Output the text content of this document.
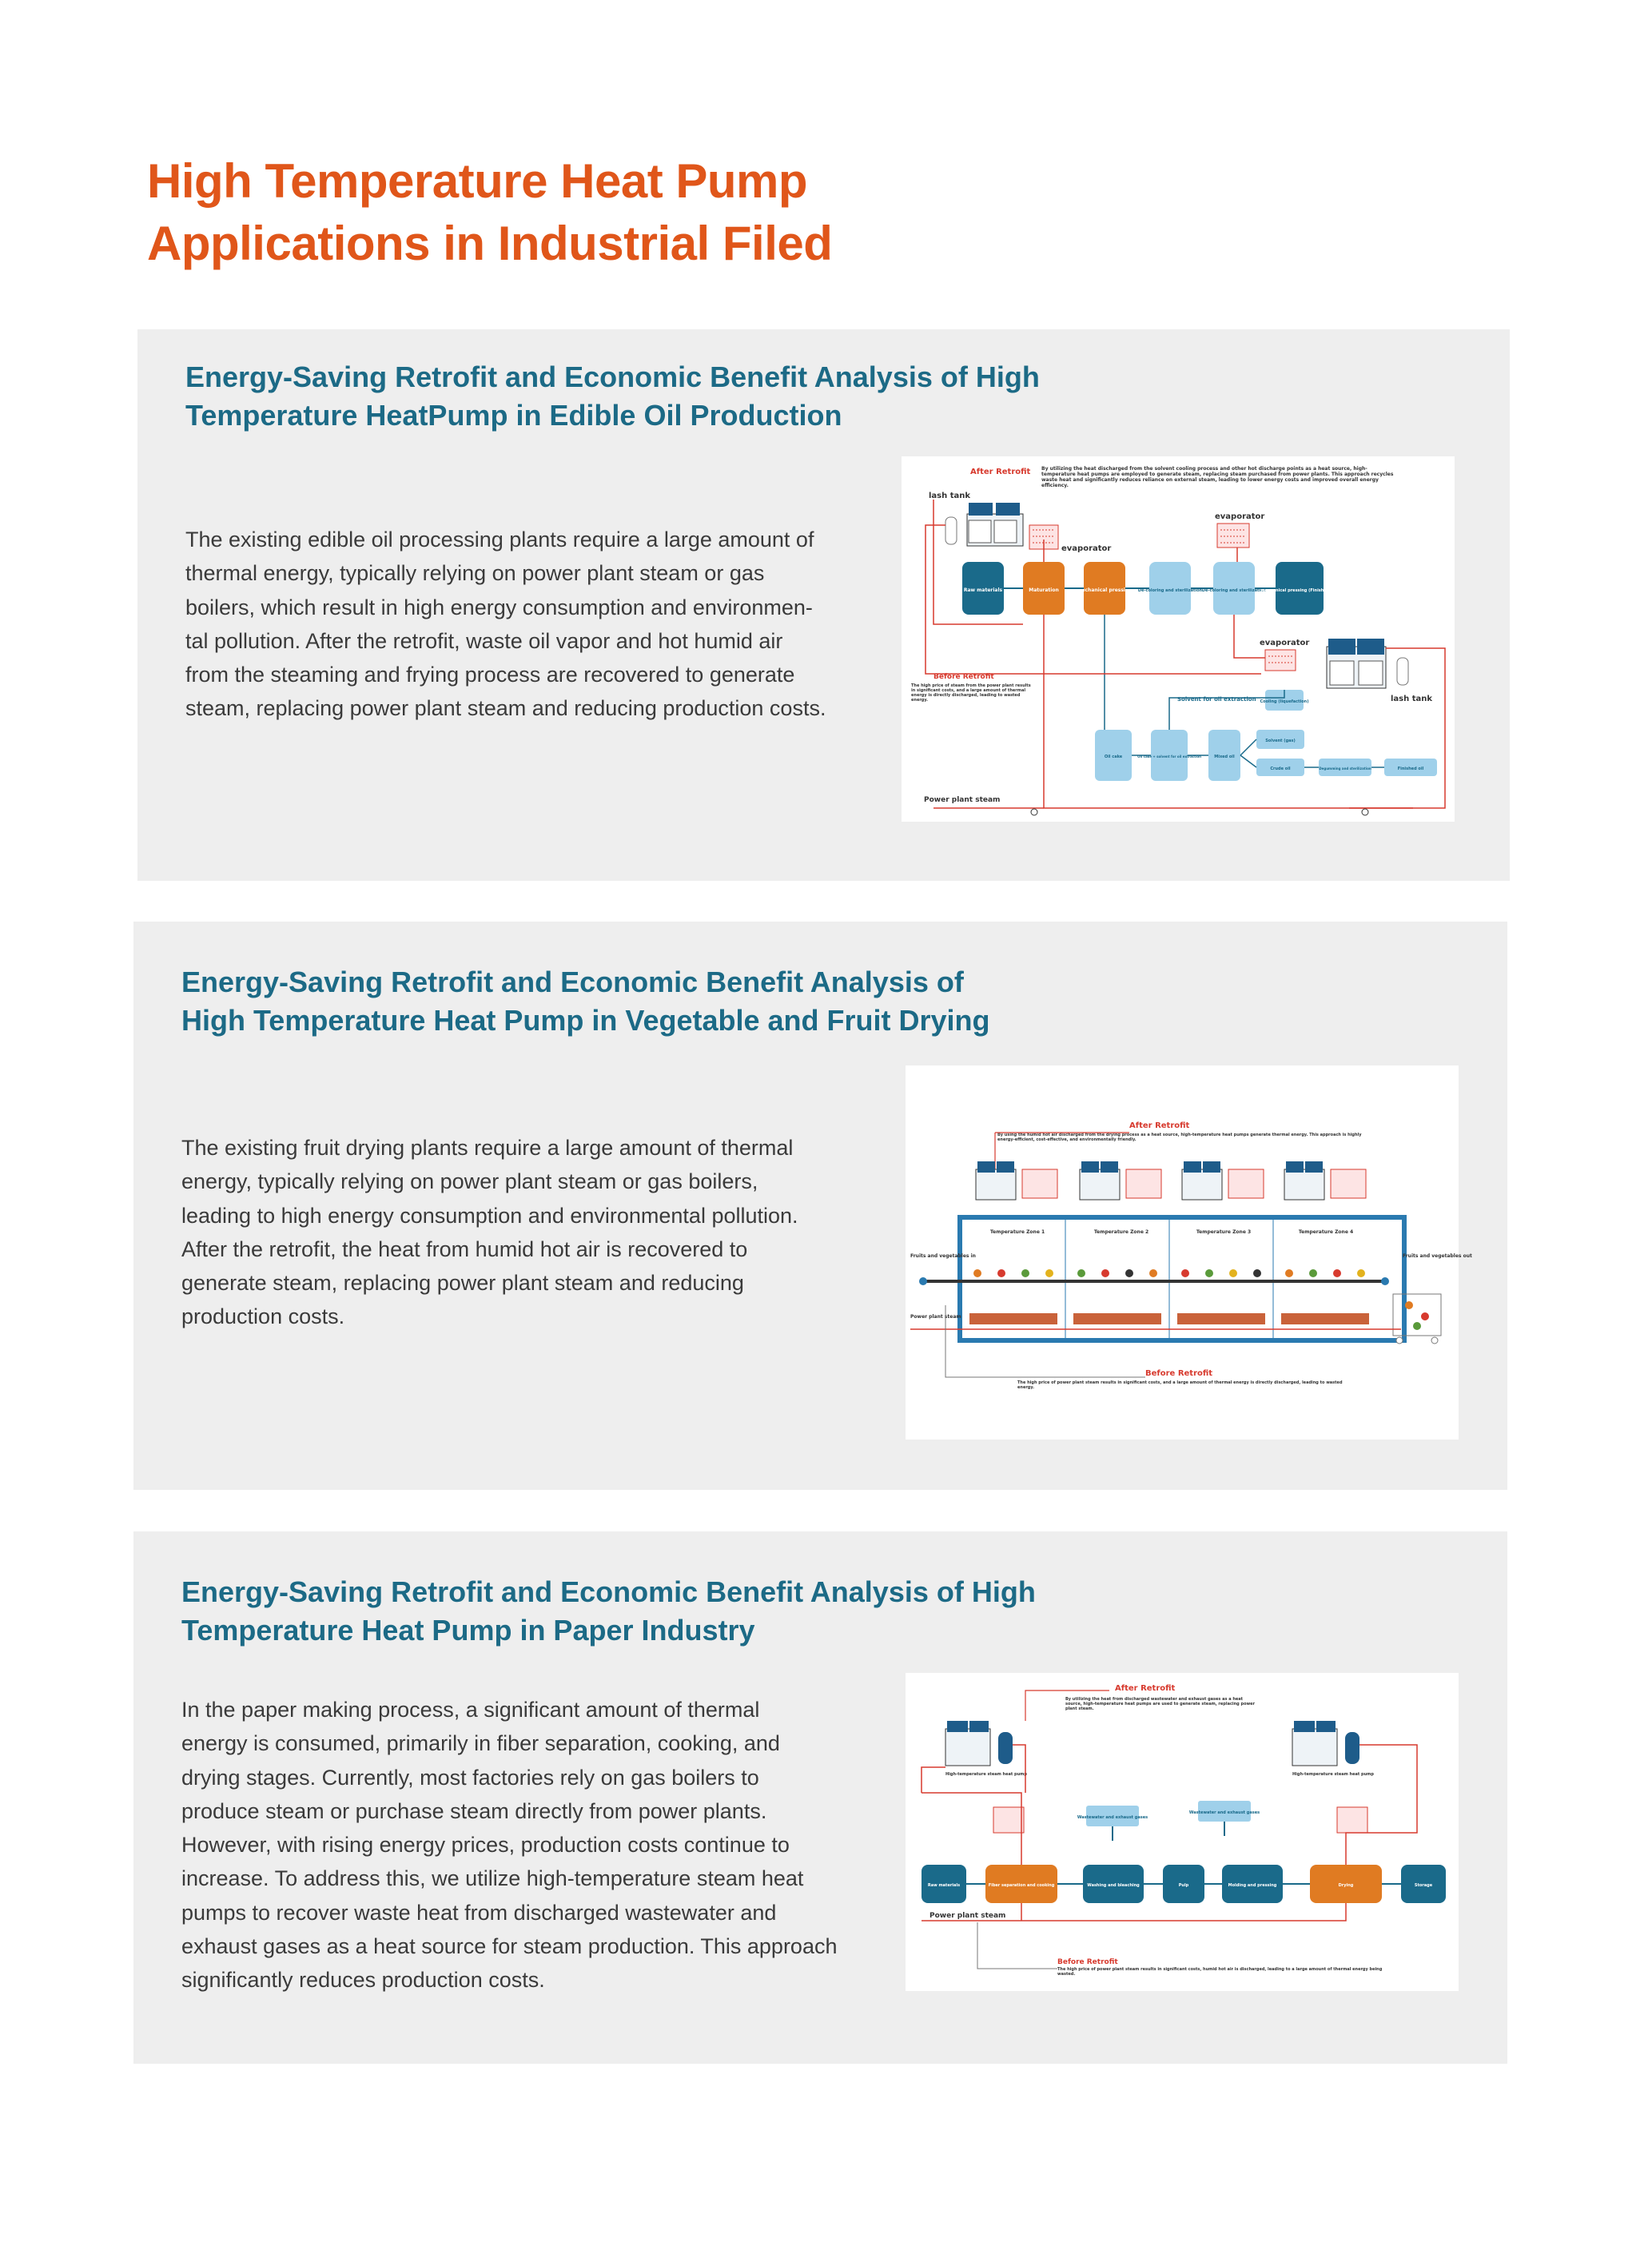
High Temperature Heat Pump
Applications in Industrial Filed
Energy-Saving Retrofit and Economic Benefit Analysis of High
Temperature HeatPump in Edible Oil Production

The existing edible oil processing plants require a large amount of
thermal energy, typically relying on power plant steam or gas
boilers, which result in high energy consumption and environmen-
tal pollution. After the retrofit, waste oil vapor and hot humid air
from the steaming and frying process are recovered to generate
steam, replacing power plant steam and reducing production costs.

After Retrofit By utilizing the heat discharged from the solvent cooling process and other hot discharge points as a heat source, high-temperature heat pumps are employed to generate steam, replacing steam purchased from power plants. This approach recycles waste heat and significantly reduces reliance on external steam, leading to lower energy costs and improved overall energy efficiency.
lash tank
evaporator
evaporator
Raw materials	Maturation	Mechanical pressing De-coloring and sterilization De-coloring and sterilization
Mechanical pressing (Finished oil)
evaporator
lash tank
Before Retrofit
The high price of steam from the power plant results in significant costs, and a large amount of thermal energy is directly discharged, leading to wasted energy.	Solvent for oil extraction Cooling (liquefaction)
Oil cake	Oil cake + solvent for oil extraction	Mixed oil
Solvent (gas)
Crude oil	Degumming and sterilization	Finished oil
Power plant steam
Energy-Saving Retrofit and Economic Benefit Analysis of
High Temperature Heat Pump in Vegetable and Fruit Drying

The existing fruit drying plants require a large amount of thermal
energy, typically relying on power plant steam or gas boilers,
leading to high energy consumption and environmental pollution.
After the retrofit, the heat from humid hot air is recovered to
generate steam, replacing power plant steam and reducing
production costs.

After Retrofit
By using the humid hot air discharged from the drying process as a heat source, high-temperature heat pumps generate thermal energy. This approach is highly energy-efficient, cost-effective, and environmentally friendly.
Temperature Zone 1	Temperature Zone 2	Temperature Zone 3	Temperature Zone 4
Fruits and vegetables in	Fruits and vegetables out
Power plant steam
Before Retrofit
The high price of power plant steam results in significant costs, and a large amount of thermal energy is directly discharged, leading to wasted energy.
Energy-Saving Retrofit and Economic Benefit Analysis of High
Temperature Heat Pump in Paper Industry

In the paper making process, a significant amount of thermal
energy is consumed, primarily in fiber separation, cooking, and
drying stages. Currently, most factories rely on gas boilers to
produce steam or purchase steam directly from power plants.
However, with rising energy prices, production costs continue to
increase. To address this, we utilize high-temperature steam heat
pumps to recover waste heat from discharged wastewater and
exhaust gases as a heat source for steam production. This approach
significantly reduces production costs.

After Retrofit
By utilizing the heat from discharged wastewater and exhaust gases as a heat source, high-temperature heat pumps are used to generate steam, replacing power plant steam.
High-temperature steam heat pump	High-temperature steam heat pump
Wastewater and exhaust gases
Wastewater and exhaust gases
Raw materials	Fiber separation and cooking	Washing and bleaching	Pulp	Molding and pressing	Drying	Storage
Power plant steam
Before Retrofit
The high price of power plant steam results in significant costs, humid hot air is discharged, leading to a large amount of thermal energy being wasted.
